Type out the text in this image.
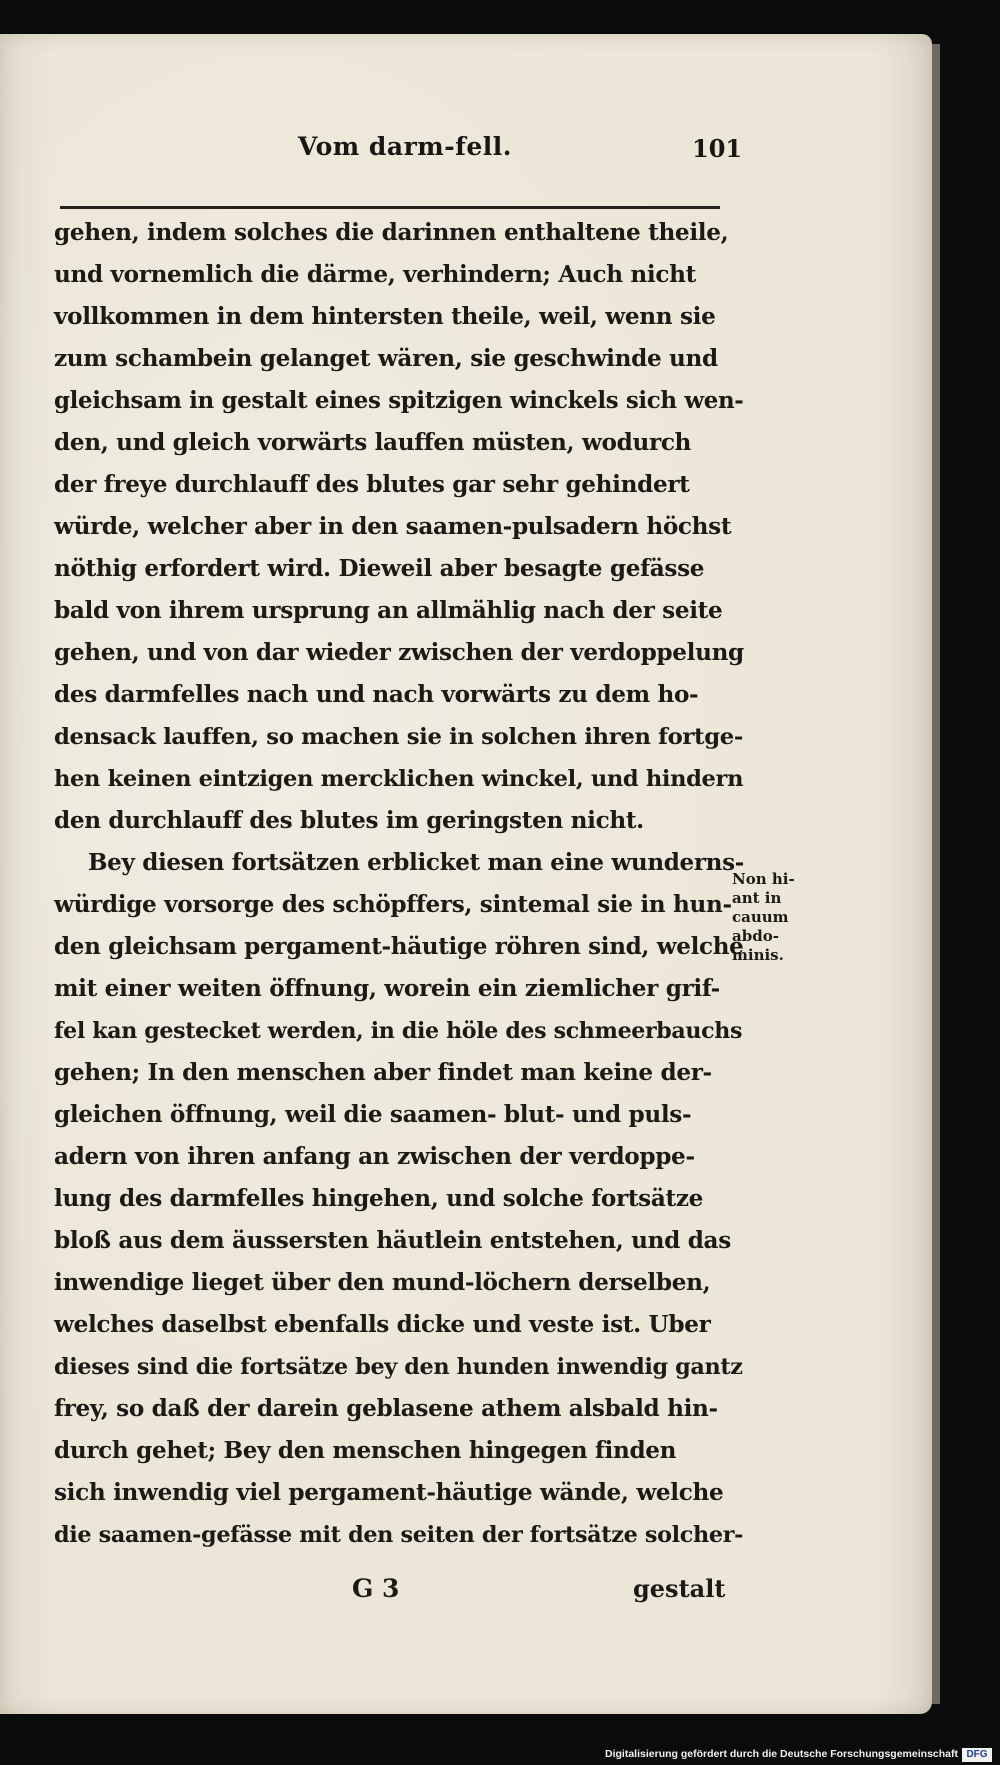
Vom darm-fell.	101
gehen, indem solches die darinnen enthaltene theile,
und vornemlich die därme, verhindern; Auch nicht
vollkommen in dem hintersten theile, weil, wenn sie
zum schambein gelanget wären, sie geschwinde und
gleichsam in gestalt eines spitzigen winckels sich wen-
den, und gleich vorwärts lauffen müsten, wodurch
der freye durchlauff des blutes gar sehr gehindert
würde, welcher aber in den saamen-pulsadern höchst
nöthig erfordert wird. Dieweil aber besagte gefässe
bald von ihrem ursprung an allmählig nach der seite
gehen, und von dar wieder zwischen der verdoppelung
des darmfelles nach und nach vorwärts zu dem ho-
densack lauffen, so machen sie in solchen ihren fortge-
hen keinen eintzigen mercklichen winckel, und hindern
den durchlauff des blutes im geringsten nicht.
Bey diesen fortsätzen erblicket man eine wunderns-
würdige vorsorge des schöpffers, sintemal sie in hun-
den gleichsam pergament-häutige röhren sind, welche
mit einer weiten öffnung, worein ein ziemlicher grif-
fel kan gestecket werden, in die höle des schmeerbauchs
gehen; In den menschen aber findet man keine der-
gleichen öffnung, weil die saamen- blut- und puls-
adern von ihren anfang an zwischen der verdoppe-
lung des darmfelles hingehen, und solche fortsätze
bloß aus dem äussersten häutlein entstehen, und das
inwendige lieget über den mund-löchern derselben,
welches daselbst ebenfalls dicke und veste ist. Uber
dieses sind die fortsätze bey den hunden inwendig gantz
frey, so daß der darein geblasene athem alsbald hin-
durch gehet; Bey den menschen hingegen finden
sich inwendig viel pergament-häutige wände, welche
die saamen-gefässe mit den seiten der fortsätze solcher-
Non hi-
ant in
cauum
abdo-
minis.
G 3	gestalt
Digitalisierung gefördert durch die Deutsche Forschungsgemeinschaft DFG
